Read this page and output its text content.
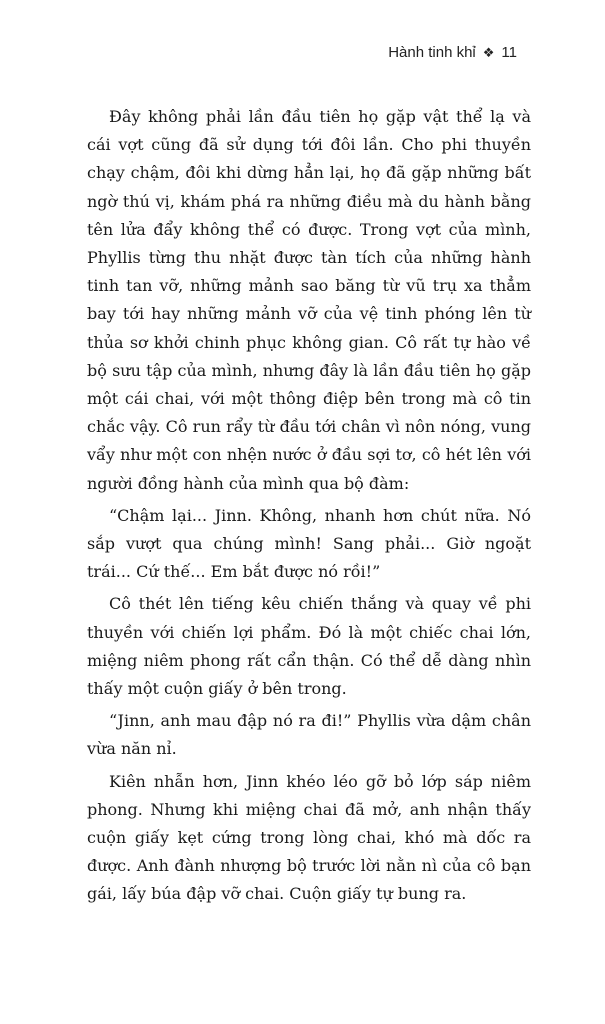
Hành tinh khỉ ❖ 11

Đây không phải lần đầu tiên họ gặp vật thể lạ và cái vợt cũng đã sử dụng tới đôi lần. Cho phi thuyền chạy chậm, đôi khi dừng hẳn lại, họ đã gặp những bất ngờ thú vị, khám phá ra những điều mà du hành bằng tên lửa đẩy không thể có được. Trong vợt của mình, Phyllis từng thu nhặt được tàn tích của những hành tinh tan vỡ, những mảnh sao băng từ vũ trụ xa thẳm bay tới hay những mảnh vỡ của vệ tinh phóng lên từ thủa sơ khởi chinh phục không gian. Cô rất tự hào về bộ sưu tập của mình, nhưng đây là lần đầu tiên họ gặp một cái chai, với một thông điệp bên trong mà cô tin chắc vậy. Cô run rẩy từ đầu tới chân vì nôn nóng, vung vẩy như một con nhện nước ở đầu sợi tơ, cô hét lên với người đồng hành của mình qua bộ đàm:

“Chậm lại... Jinn. Không, nhanh hơn chút nữa. Nó sắp vượt qua chúng mình! Sang phải... Giờ ngoặt trái... Cứ thế... Em bắt được nó rồi!”

Cô thét lên tiếng kêu chiến thắng và quay về phi thuyền với chiến lợi phẩm. Đó là một chiếc chai lớn, miệng niêm phong rất cẩn thận. Có thể dễ dàng nhìn thấy một cuộn giấy ở bên trong.

“Jinn, anh mau đập nó ra đi!” Phyllis vừa dậm chân vừa năn nỉ.

Kiên nhẫn hơn, Jinn khéo léo gỡ bỏ lớp sáp niêm phong. Nhưng khi miệng chai đã mở, anh nhận thấy cuộn giấy kẹt cứng trong lòng chai, khó mà dốc ra được. Anh đành nhượng bộ trước lời nằn nì của cô bạn gái, lấy búa đập vỡ chai. Cuộn giấy tự bung ra.
